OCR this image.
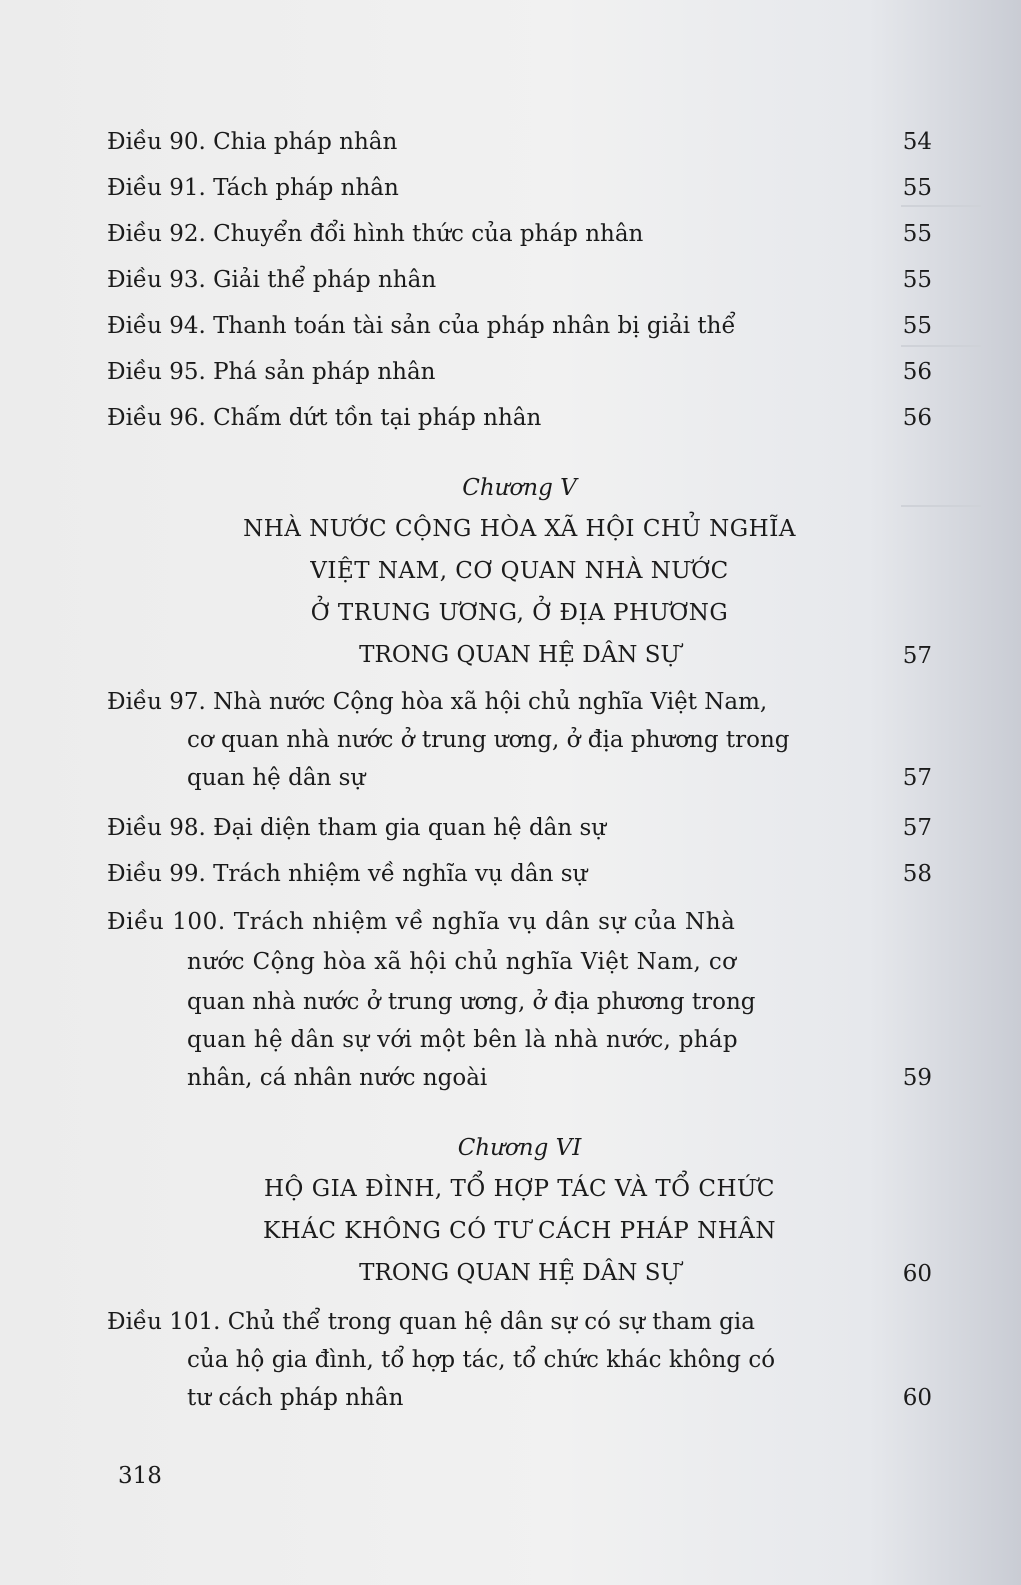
Điều 90. Chia pháp nhân	54
Điều 91. Tách pháp nhân	55
Điều 92. Chuyển đổi hình thức của pháp nhân	55
Điều 93. Giải thể pháp nhân	55
Điều 94. Thanh toán tài sản của pháp nhân bị giải thể	55
Điều 95. Phá sản pháp nhân	56
Điều 96. Chấm dứt tồn tại pháp nhân	56
Chương V
NHÀ NƯỚC CỘNG HÒA XÃ HỘI CHỦ NGHĨA
VIỆT NAM, CƠ QUAN NHÀ NƯỚC
Ở TRUNG ƯƠNG, Ở ĐỊA PHƯƠNG
TRONG QUAN HỆ DÂN SỰ	57
Điều 97. Nhà nước Cộng hòa xã hội chủ nghĩa Việt Nam,
cơ quan nhà nước ở trung ương, ở địa phương trong
quan hệ dân sự	57
Điều 98. Đại diện tham gia quan hệ dân sự	57
Điều 99. Trách nhiệm về nghĩa vụ dân sự	58
Điều 100. Trách nhiệm về nghĩa vụ dân sự của Nhà
nước Cộng hòa xã hội chủ nghĩa Việt Nam, cơ
quan nhà nước ở trung ương, ở địa phương trong
quan hệ dân sự với một bên là nhà nước, pháp
nhân, cá nhân nước ngoài	59
Chương VI
HỘ GIA ĐÌNH, TỔ HỢP TÁC VÀ TỔ CHỨC
KHÁC KHÔNG CÓ TƯ CÁCH PHÁP NHÂN
TRONG QUAN HỆ DÂN SỰ	60
Điều 101. Chủ thể trong quan hệ dân sự có sự tham gia
của hộ gia đình, tổ hợp tác, tổ chức khác không có
tư cách pháp nhân	60
318
